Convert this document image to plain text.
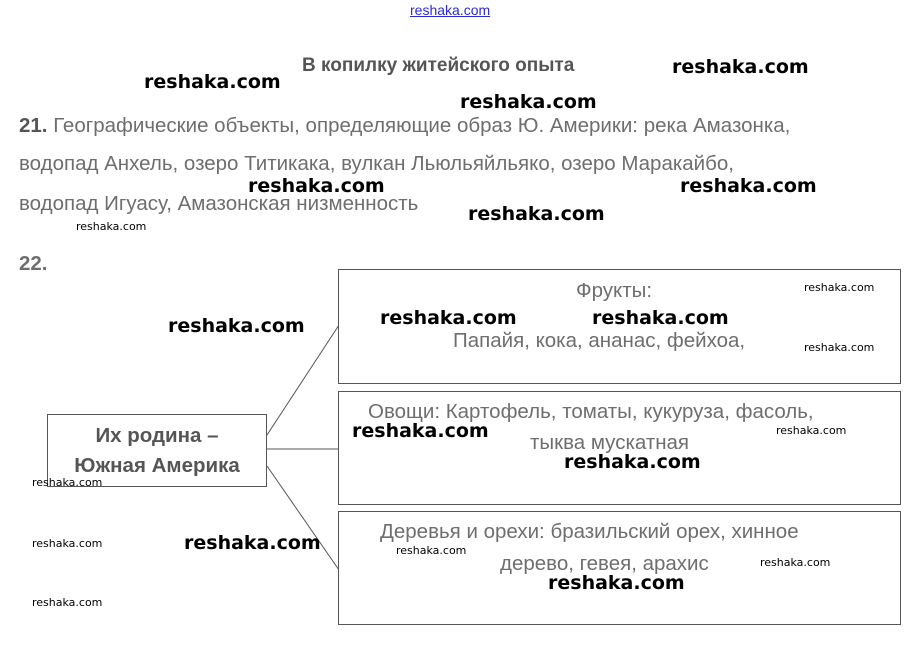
reshaka.com
В копилку житейского опыта
21. Географические объекты, определяющие образ Ю. Америки: река Амазонка,
водопад Анхель, озеро Титикака, вулкан Льюльяйльяко, озеро Маракайбо,
водопад Игуасу, Амазонская низменность
22.
Их родина –
Южная Америка
Фрукты:
Папайя, кока, ананас, фейхоа,
Овощи: Картофель, томаты, кукуруза, фасоль,
тыква мускатная
Деревья и орехи: бразильский орех, хинное
дерево, гевея, арахис
reshaka.com
reshaka.com
reshaka.com
reshaka.com	reshaka.com
reshaka.com
reshaka.com
reshaka.com	reshaka.com	reshaka.com
reshaka.com
reshaka.com
reshaka.com	reshaka.com
reshaka.com
reshaka.com
reshaka.com	reshaka.com	reshaka.com
reshaka.com
reshaka.com
reshaka.com
